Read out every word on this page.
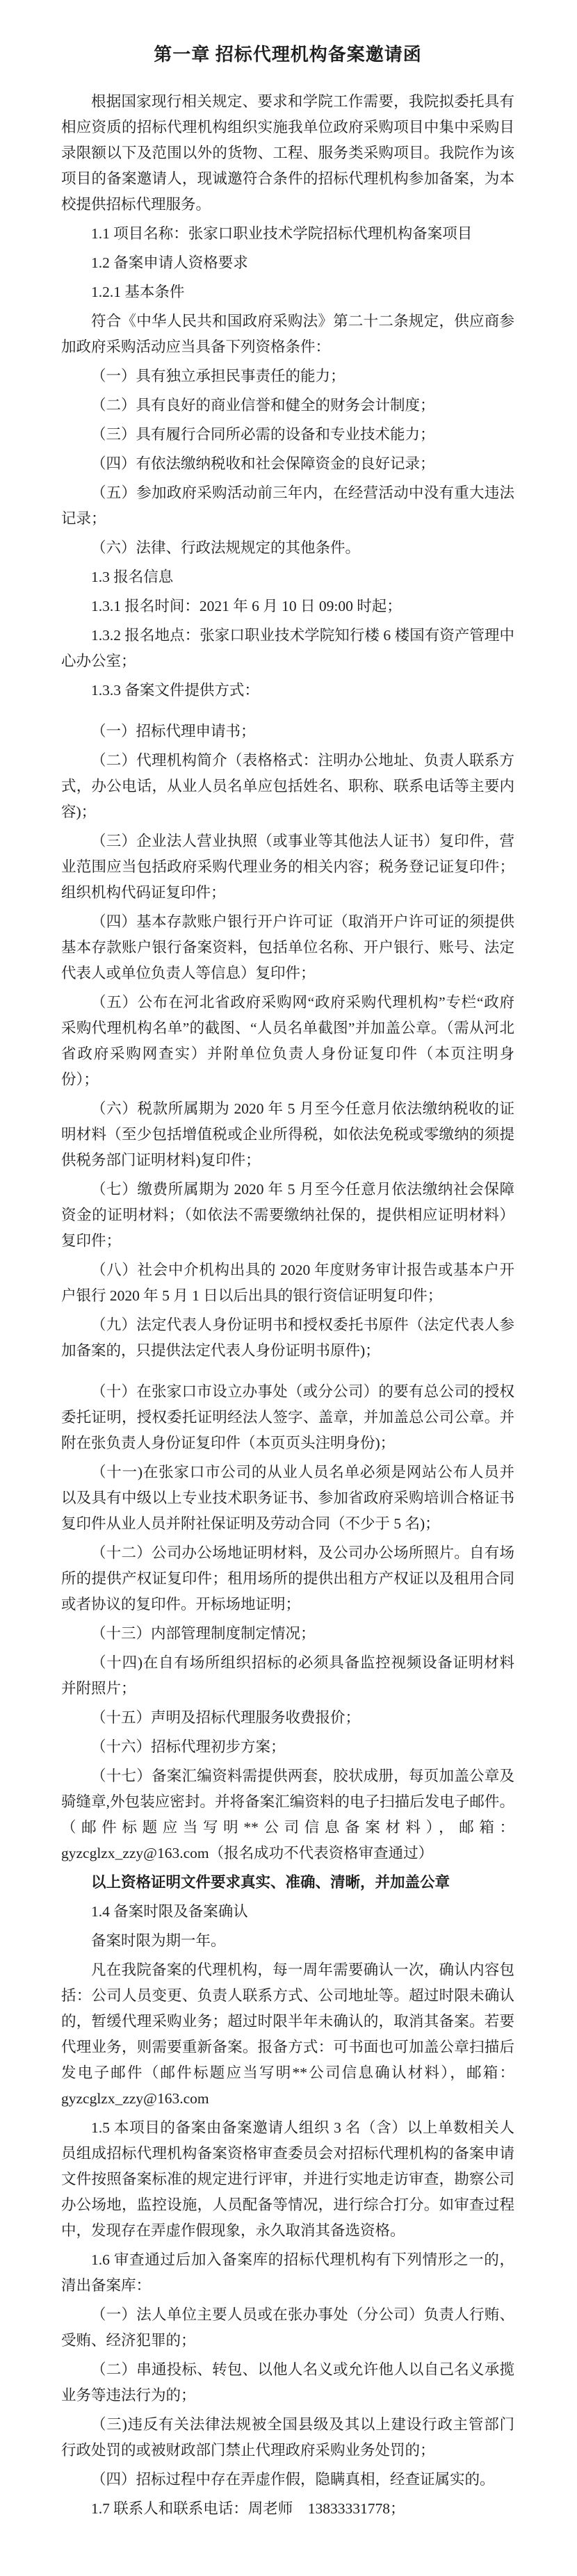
第一章 招标代理机构备案邀请函

根据国家现行相关规定、要求和学院工作需要，我院拟委托具有相应资质的招标代理机构组织实施我单位政府采购项目中集中采购目录限额以下及范围以外的货物、工程、服务类采购项目。我院作为该项目的备案邀请人，现诚邀符合条件的招标代理机构参加备案，为本校提供招标代理服务。

1.1 项目名称：张家口职业技术学院招标代理机构备案项目

1.2 备案申请人资格要求

1.2.1 基本条件

符合《中华人民共和国政府采购法》第二十二条规定，供应商参加政府采购活动应当具备下列资格条件：

（一）具有独立承担民事责任的能力；

（二）具有良好的商业信誉和健全的财务会计制度；

（三）具有履行合同所必需的设备和专业技术能力；

（四）有依法缴纳税收和社会保障资金的良好记录；

（五）参加政府采购活动前三年内，在经营活动中没有重大违法记录；

（六）法律、行政法规规定的其他条件。

1.3 报名信息

1.3.1 报名时间：2021 年 6 月 10 日 09:00 时起；

1.3.2 报名地点：张家口职业技术学院知行楼 6 楼国有资产管理中心办公室；

1.3.3 备案文件提供方式：

（一）招标代理申请书；

（二）代理机构简介（表格格式：注明办公地址、负责人联系方式，办公电话，从业人员名单应包括姓名、职称、联系电话等主要内容)；

（三）企业法人营业执照（或事业等其他法人证书）复印件，营业范围应当包括政府采购代理业务的相关内容；税务登记证复印件；组织机构代码证复印件；

（四）基本存款账户银行开户许可证（取消开户许可证的须提供基本存款账户银行备案资料，包括单位名称、开户银行、账号、法定代表人或单位负责人等信息）复印件；

（五）公布在河北省政府采购网“政府采购代理机构”专栏“政府采购代理机构名单”的截图、“人员名单截图”并加盖公章。（需从河北省政府采购网查实）并附单位负责人身份证复印件（本页注明身份）；

（六）税款所属期为 2020 年 5 月至今任意月依法缴纳税收的证明材料（至少包括增值税或企业所得税，如依法免税或零缴纳的须提供税务部门证明材料)复印件；

（七）缴费所属期为 2020 年 5 月至今任意月依法缴纳社会保障资金的证明材料；（如依法不需要缴纳社保的，提供相应证明材料）复印件；

（八）社会中介机构出具的 2020 年度财务审计报告或基本户开户银行 2020 年 5 月 1 日以后出具的银行资信证明复印件；

（九）法定代表人身份证明书和授权委托书原件（法定代表人参加备案的，只提供法定代表人身份证明书原件)；

（十）在张家口市设立办事处（或分公司）的要有总公司的授权委托证明，授权委托证明经法人签字、盖章，并加盖总公司公章。并附在张负责人身份证复印件（本页页头注明身份)；

（十一)在张家口市公司的从业人员名单必须是网站公布人员并以及具有中级以上专业技术职务证书、参加省政府采购培训合格证书复印件从业人员并附社保证明及劳动合同（不少于 5 名)；

（十二）公司办公场地证明材料，及公司办公场所照片。自有场所的提供产权证复印件；租用场所的提供出租方产权证以及租用合同或者协议的复印件。开标场地证明；

（十三）内部管理制度制定情况；

（十四)在自有场所组织招标的必须具备监控视频设备证明材料并附照片；

（十五）声明及招标代理服务收费报价；

（十六）招标代理初步方案；

（十七）备案汇编资料需提供两套，胶状成册，每页加盖公章及骑缝章,外包装应密封。并将备案汇编资料的电子扫描后发电子邮件。（邮件标题应当写明**公司信息备案材料），邮箱：gyzcglzx_zzy@163.com（报名成功不代表资格审查通过）

以上资格证明文件要求真实、准确、清晰，并加盖公章

1.4 备案时限及备案确认

备案时限为期一年。

凡在我院备案的代理机构，每一周年需要确认一次，确认内容包括：公司人员变更、负责人联系方式、公司地址等。超过时限未确认的，暂缓代理采购业务；超过时限半年未确认的，取消其备案。若要代理业务，则需要重新备案。报备方式：可书面也可加盖公章扫描后发电子邮件（邮件标题应当写明**公司信息确认材料），邮箱：gyzcglzx_zzy@163.com

1.5 本项目的备案由备案邀请人组织 3 名（含）以上单数相关人员组成招标代理机构备案资格审查委员会对招标代理机构的备案申请文件按照备案标准的规定进行评审，并进行实地走访审查，勘察公司办公场地，监控设施，人员配备等情况，进行综合打分。如审查过程中，发现存在弄虚作假现象，永久取消其备选资格。

1.6 审查通过后加入备案库的招标代理机构有下列情形之一的，清出备案库：

（一）法人单位主要人员或在张办事处（分公司）负责人行贿、受贿、经济犯罪的；

（二）串通投标、转包、以他人名义或允许他人以自己名义承揽业务等违法行为的；

（三)违反有关法律法规被全国县级及其以上建设行政主管部门行政处罚的或被财政部门禁止代理政府采购业务处罚的；

（四）招标过程中存在弄虚作假，隐瞒真相，经查证属实的。

1.7 联系人和联系电话：周老师　13833331778；
